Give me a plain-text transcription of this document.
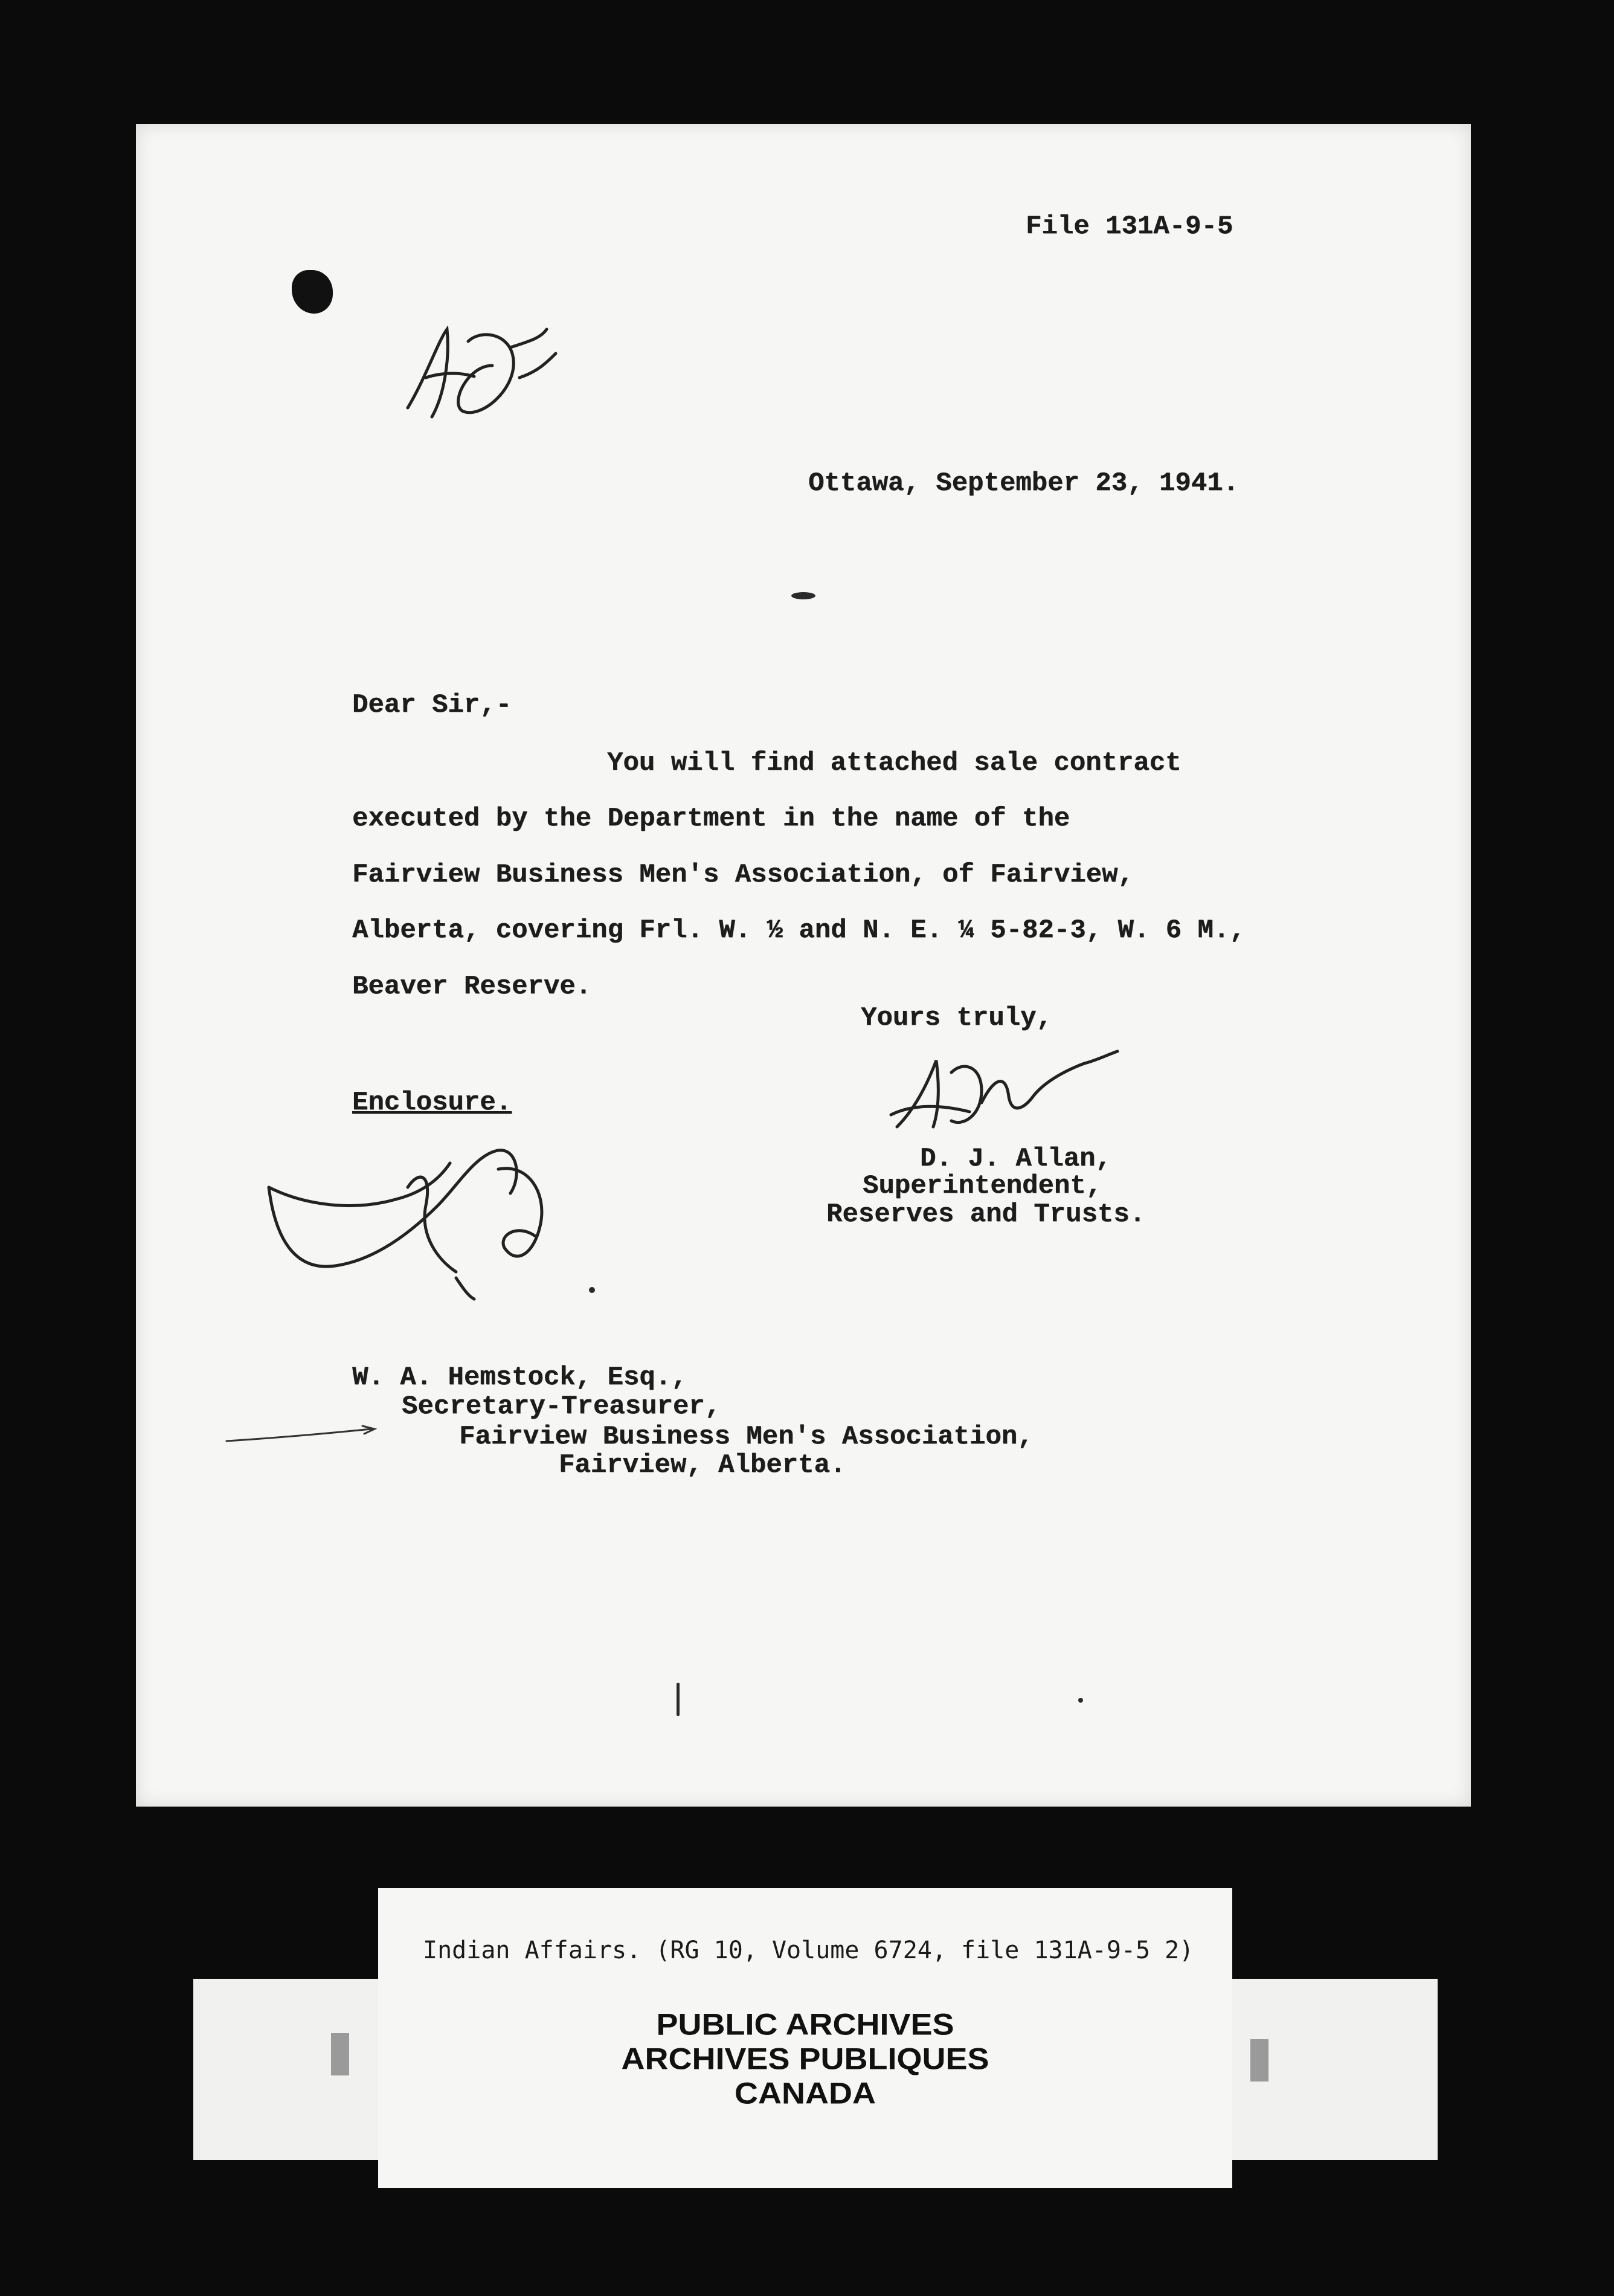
File 131A-9-5
Ottawa, September 23, 1941.
Dear Sir,-
You will find attached sale contract
executed by the Department in the name of the
Fairview Business Men's Association, of Fairview,
Alberta, covering Frl. W. ½ and N. E. ¼ 5-82-3, W. 6 M.,
Beaver Reserve.
Yours truly,
Enclosure.
D. J. Allan,
Superintendent,
Reserves and Trusts.
W. A. Hemstock, Esq.,
Secretary-Treasurer,
Fairview Business Men's Association,
Fairview, Alberta.
Indian Affairs. (RG 10, Volume 6724, file 131A-9-5 2)
PUBLIC ARCHIVES
ARCHIVES PUBLIQUES
CANADA
